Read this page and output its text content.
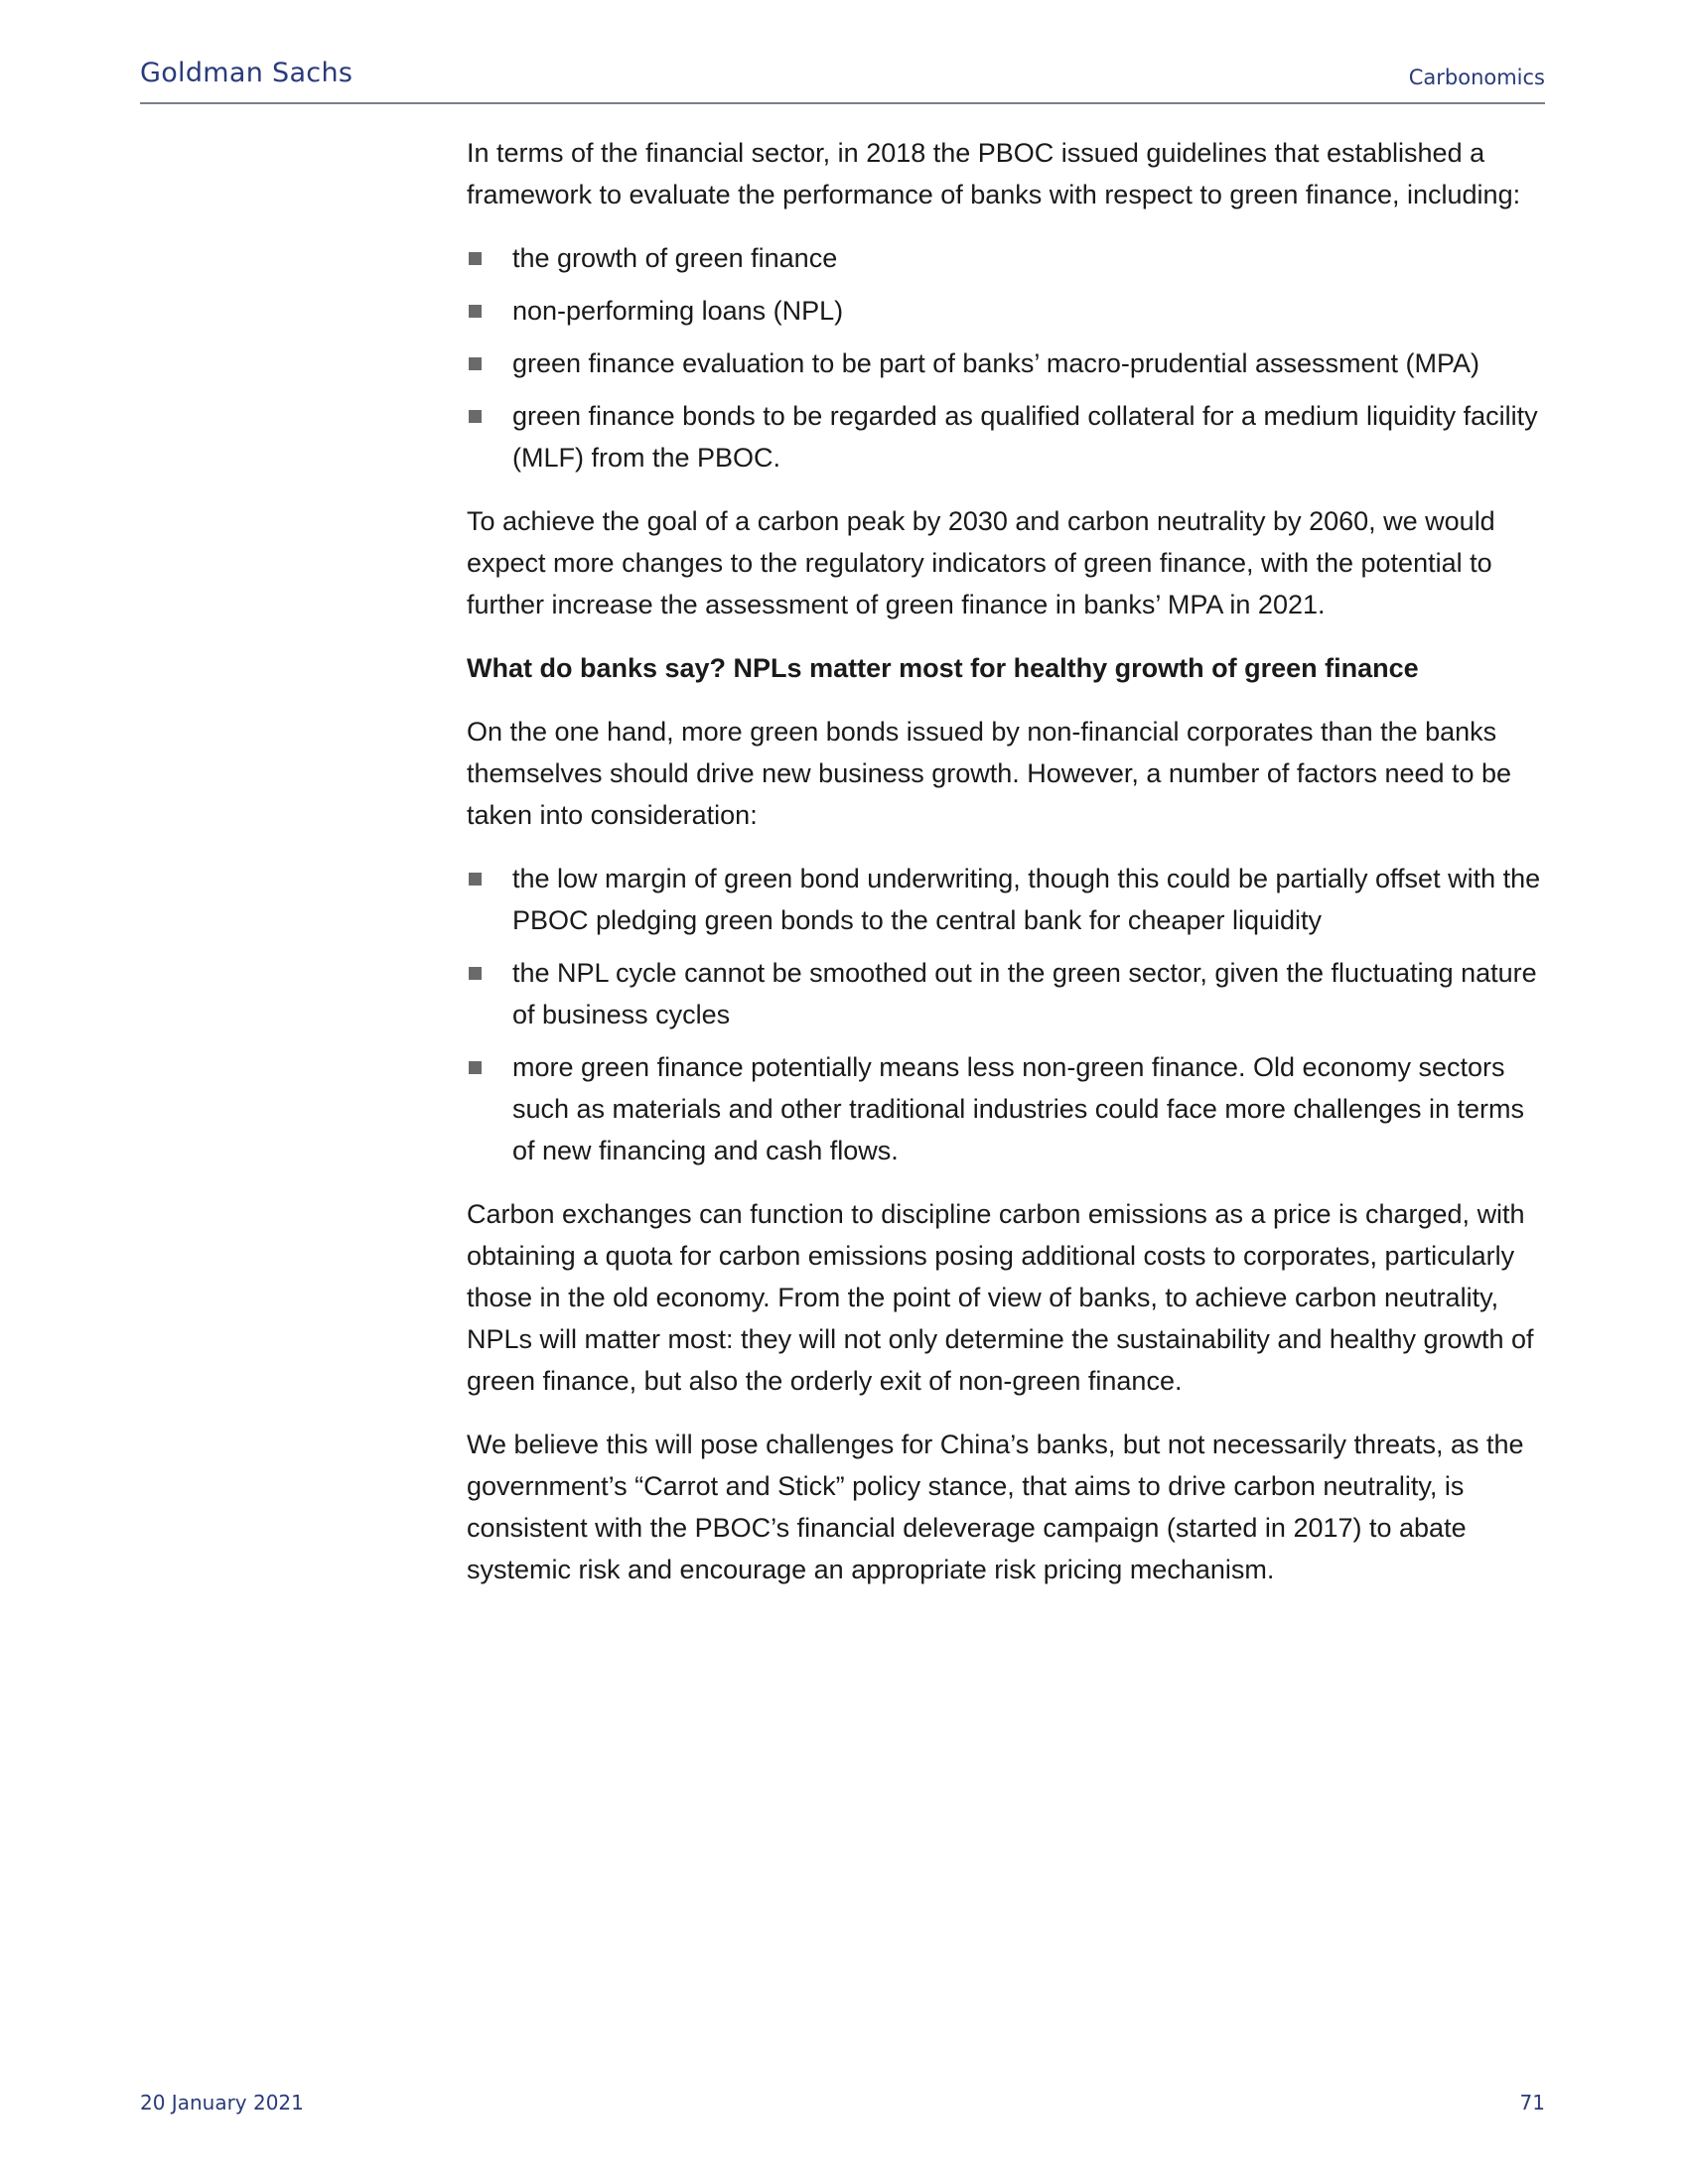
Goldman Sachs	Carbonomics

In terms of the financial sector, in 2018 the PBOC issued guidelines that established a framework to evaluate the performance of banks with respect to green finance, including:

the growth of green finance
non-performing loans (NPL)
green finance evaluation to be part of banks’ macro-prudential assessment (MPA)
green finance bonds to be regarded as qualified collateral for a medium liquidity facility (MLF) from the PBOC.

To achieve the goal of a carbon peak by 2030 and carbon neutrality by 2060, we would expect more changes to the regulatory indicators of green finance, with the potential to further increase the assessment of green finance in banks’ MPA in 2021.

What do banks say? NPLs matter most for healthy growth of green finance

On the one hand, more green bonds issued by non-financial corporates than the banks themselves should drive new business growth. However, a number of factors need to be taken into consideration:

the low margin of green bond underwriting, though this could be partially offset with the PBOC pledging green bonds to the central bank for cheaper liquidity
the NPL cycle cannot be smoothed out in the green sector, given the fluctuating nature of business cycles
more green finance potentially means less non-green finance. Old economy sectors such as materials and other traditional industries could face more challenges in terms of new financing and cash flows.

Carbon exchanges can function to discipline carbon emissions as a price is charged, with obtaining a quota for carbon emissions posing additional costs to corporates, particularly those in the old economy. From the point of view of banks, to achieve carbon neutrality, NPLs will matter most: they will not only determine the sustainability and healthy growth of green finance, but also the orderly exit of non-green finance.

We believe this will pose challenges for China’s banks, but not necessarily threats, as the government’s “Carrot and Stick” policy stance, that aims to drive carbon neutrality, is consistent with the PBOC’s financial deleverage campaign (started in 2017) to abate systemic risk and encourage an appropriate risk pricing mechanism.

20 January 2021	71
